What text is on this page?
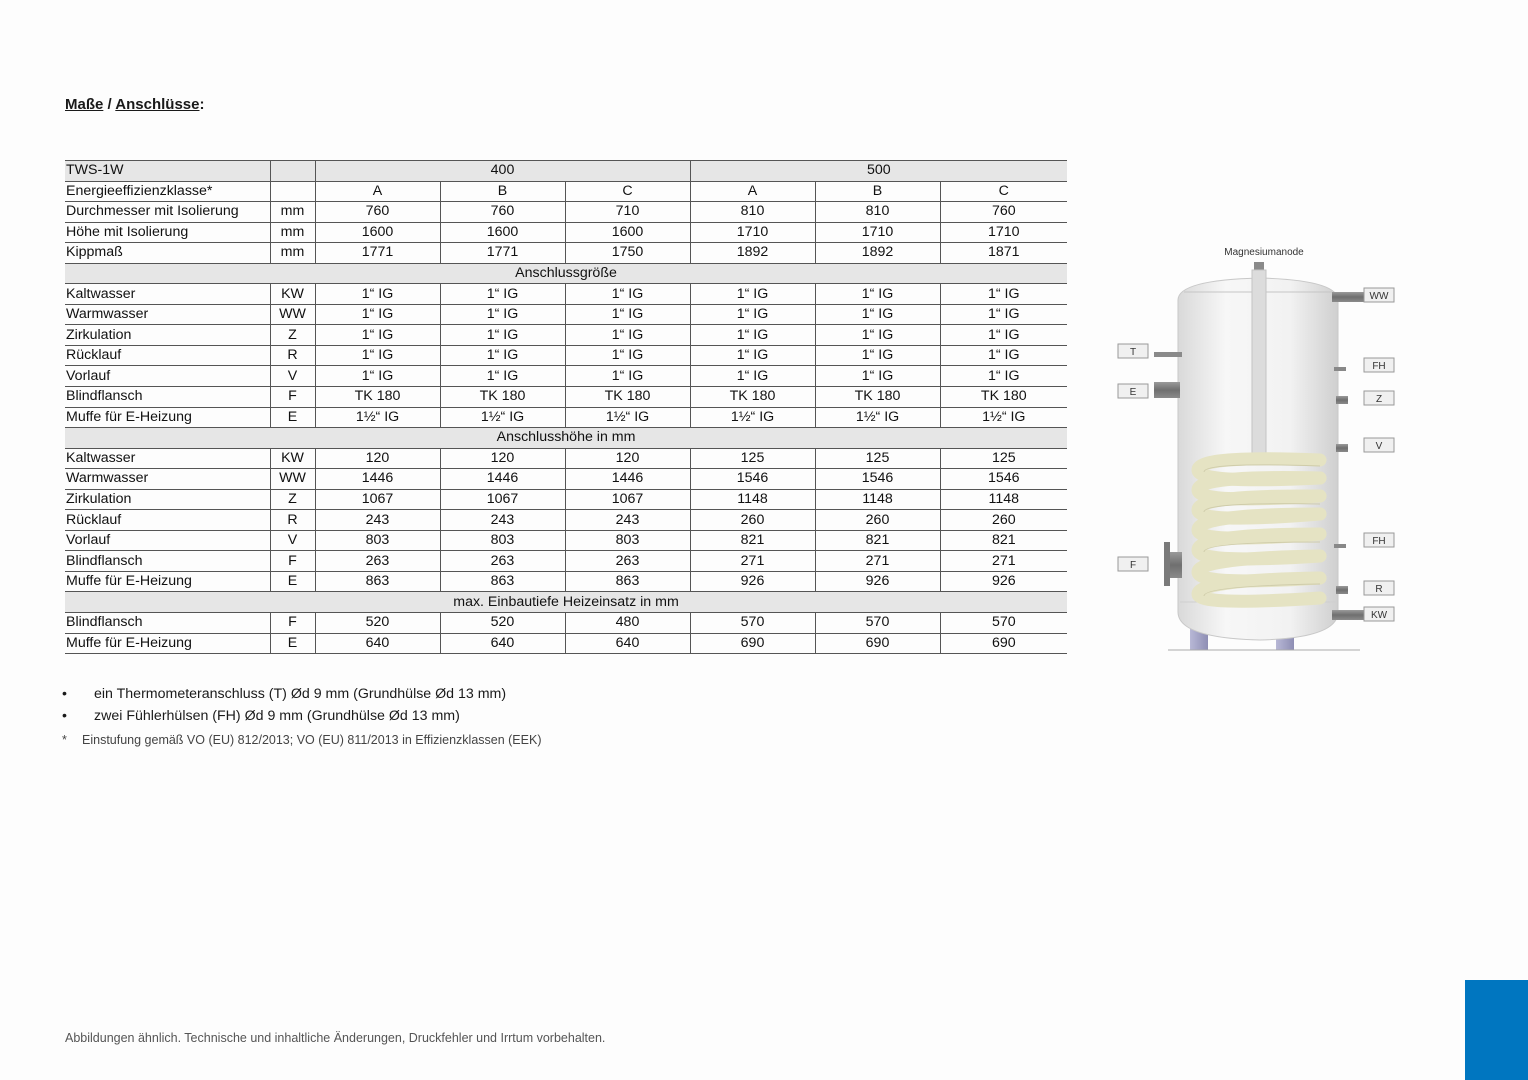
Maße / Anschlüsse:
TWS-1W		400			500		
Energieeffizienzklasse*		A	B	C	A	B	C
Durchmesser mit Isolierung	mm	760	760	710	810	810	760
Höhe mit Isolierung	mm	1600	1600	1600	1710	1710	1710
Kippmaß	mm	1771	1771	1750	1892	1892	1871
Anschlussgröße							
Kaltwasser	KW	1“ IG	1“ IG	1“ IG	1“ IG	1“ IG	1“ IG
Warmwasser	WW	1“ IG	1“ IG	1“ IG	1“ IG	1“ IG	1“ IG
Zirkulation	Z	1“ IG	1“ IG	1“ IG	1“ IG	1“ IG	1“ IG
Rücklauf	R	1“ IG	1“ IG	1“ IG	1“ IG	1“ IG	1“ IG
Vorlauf	V	1“ IG	1“ IG	1“ IG	1“ IG	1“ IG	1“ IG
Blindflansch	F	TK 180	TK 180	TK 180	TK 180	TK 180	TK 180
Muffe für E-Heizung	E	1½“ IG	1½“ IG	1½“ IG	1½“ IG	1½“ IG	1½“ IG
Anschlusshöhe in mm							
Kaltwasser	KW	120	120	120	125	125	125
Warmwasser	WW	1446	1446	1446	1546	1546	1546
Zirkulation	Z	1067	1067	1067	1148	1148	1148
Rücklauf	R	243	243	243	260	260	260
Vorlauf	V	803	803	803	821	821	821
Blindflansch	F	263	263	263	271	271	271
Muffe für E-Heizung	E	863	863	863	926	926	926
max. Einbautiefe Heizeinsatz in mm							
Blindflansch	F	520	520	480	570	570	570
Muffe für E-Heizung	E	640	640	640	690	690	690
•	ein Thermometeranschluss (T) Ød 9 mm (Grundhülse Ød 13 mm)
•	zwei Fühlerhülsen (FH) Ød 9 mm (Grundhülse Ød 13 mm)
*	Einstufung gemäß VO (EU) 812/2013; VO (EU) 811/2013 in Effizienzklassen (EEK)
Magnesiumanode
WW
FH
Z
V
FH
R
KW
T
E
F
Abbildungen ähnlich. Technische und inhaltliche Änderungen, Druckfehler und Irrtum vorbehalten.
